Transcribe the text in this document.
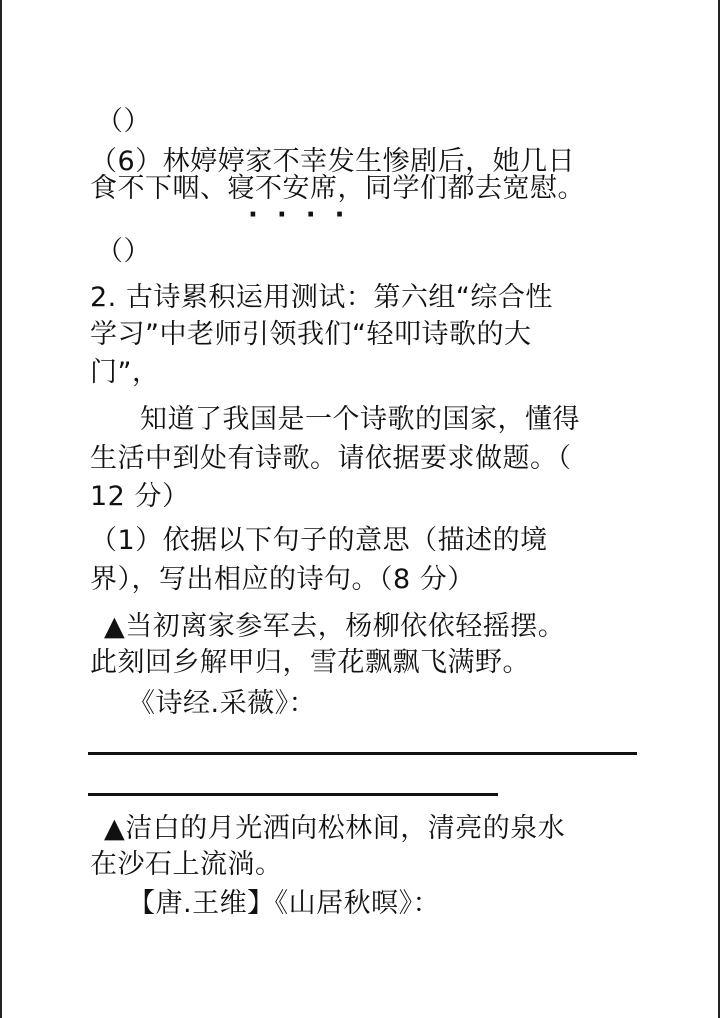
（）
（6）林婷婷家不幸发生惨剧后，她几日
食不下咽、寝不安席，同学们都去宽慰。
····
（）
2. 古诗累积运用测试：第六组“综合性
学习”中老师引领我们“轻叩诗歌的大
门”，
知道了我国是一个诗歌的国家，懂得
生活中到处有诗歌。请依据要求做题。（
12 分）
（1）依据以下句子的意思（描述的境
界），写出相应的诗句。（8 分）
▲当初离家参军去，杨柳依依轻摇摆。
此刻回乡解甲归，雪花飘飘飞满野。
《诗经.采薇》：
▲洁白的月光洒向松林间，清亮的泉水
在沙石上流淌。
【唐.王维】《山居秋暝》：
